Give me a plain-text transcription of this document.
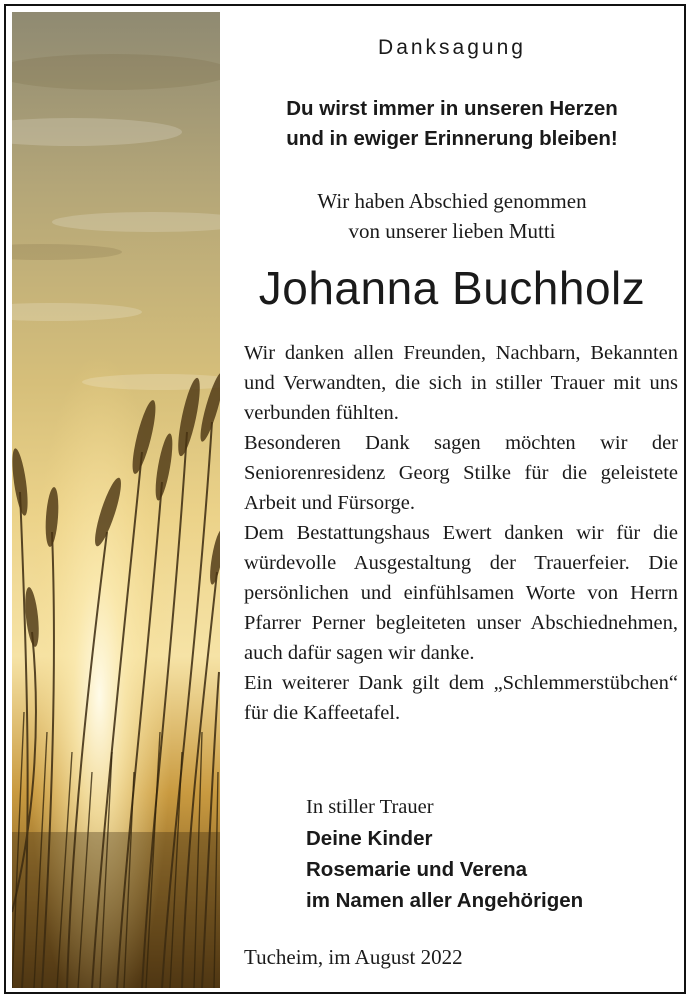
Danksagung
Du wirst immer in unseren Herzen
und in ewiger Erinnerung bleiben!
Wir haben Abschied genommen
von unserer lieben Mutti
Johanna Buchholz
Wir danken allen Freunden, Nachbarn, Bekannten und Verwandten, die sich in stiller Trauer mit uns verbunden fühlten.
Besonderen Dank sagen möchten wir der Seniorenresidenz Georg Stilke für die geleistete Arbeit und Fürsorge.
Dem Bestattungshaus Ewert danken wir für die würdevolle Ausgestaltung der Trauerfeier. Die persönlichen und einfühlsamen Worte von Herrn Pfarrer Perner begleiteten unser Abschiednehmen, auch dafür sagen wir danke.
Ein weiterer Dank gilt dem „Schlemmerstübchen“ für die Kaffeetafel.
In stiller Trauer
Deine Kinder
Rosemarie und Verena
im Namen aller Angehörigen
Tucheim, im August 2022
